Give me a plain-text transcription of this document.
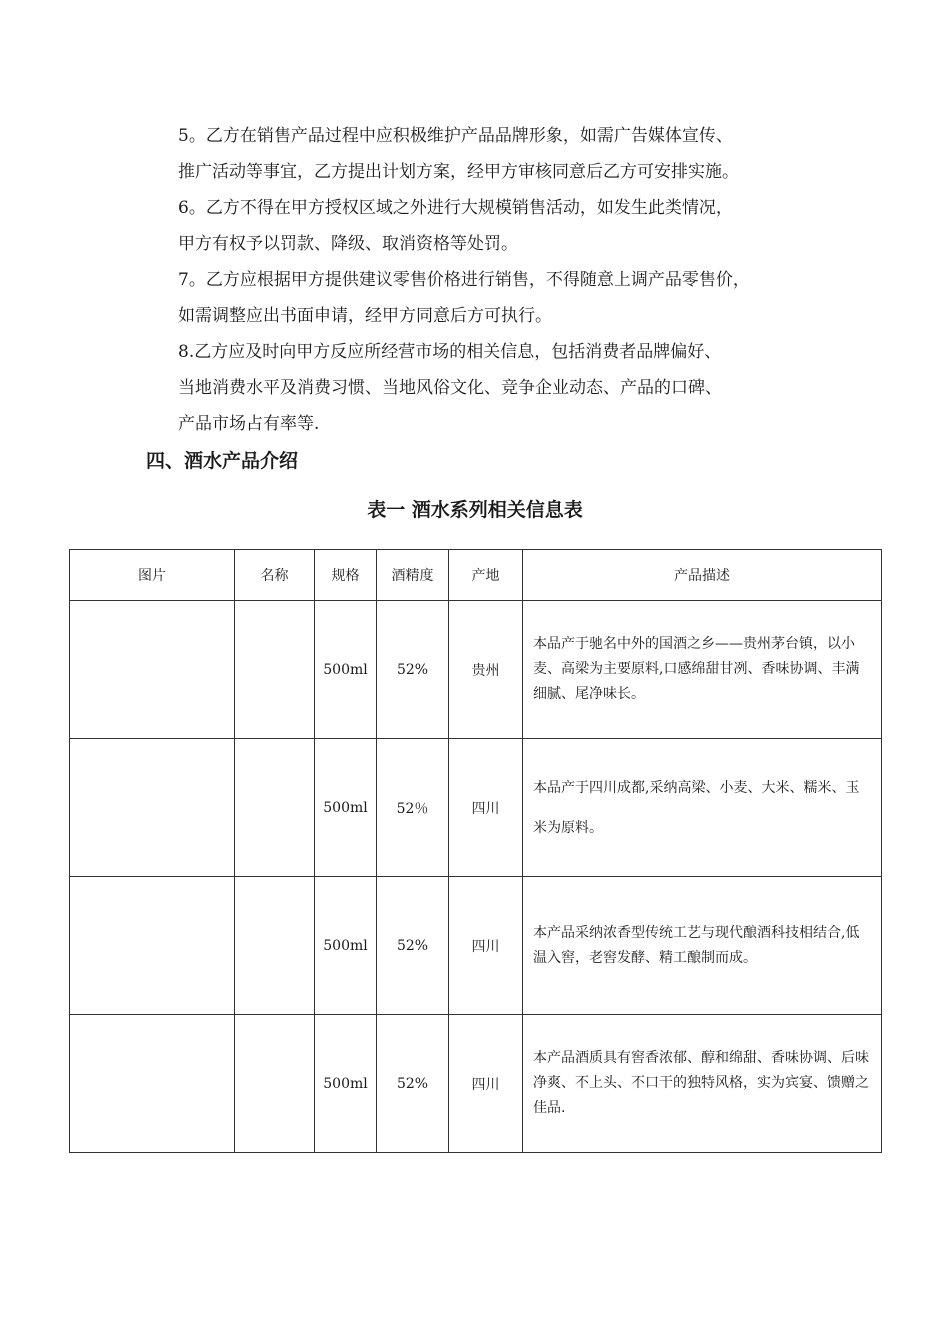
5。乙方在销售产品过程中应积极维护产品品牌形象，如需广告媒体宣传、

推广活动等事宜，乙方提出计划方案，经甲方审核同意后乙方可安排实施。

6。乙方不得在甲方授权区域之外进行大规模销售活动，如发生此类情况，

甲方有权予以罚款、降级、取消资格等处罚。

7。乙方应根据甲方提供建议零售价格进行销售，不得随意上调产品零售价，

如需调整应出书面申请，经甲方同意后方可执行。

8.乙方应及时向甲方反应所经营市场的相关信息，包括消费者品牌偏好、

当地消费水平及消费习惯、当地风俗文化、竞争企业动态、产品的口碑、

产品市场占有率等.

四、酒水产品介绍
表一 酒水系列相关信息表
图片	名称	规格	酒精度	产地	产品描述
		500ml	52%	贵州	本品产于驰名中外的国酒之乡——贵州茅台镇，以小麦、高梁为主要原料,口感绵甜甘冽、香味协调、丰满细腻、尾净味长。
		500ml	52％	四川	本品产于四川成都,采纳高梁、小麦、大米、糯米、玉米为原料。
		500ml	52%	四川	本产品采纳浓香型传统工艺与现代酿酒科技相结合,低温入窖，老窖发酵、精工酿制而成。
		500ml	52%	四川	本产品酒质具有窖香浓郁、醇和绵甜、香味协调、后味净爽、不上头、不口干的独特风格，实为宾宴、馈赠之佳品.
